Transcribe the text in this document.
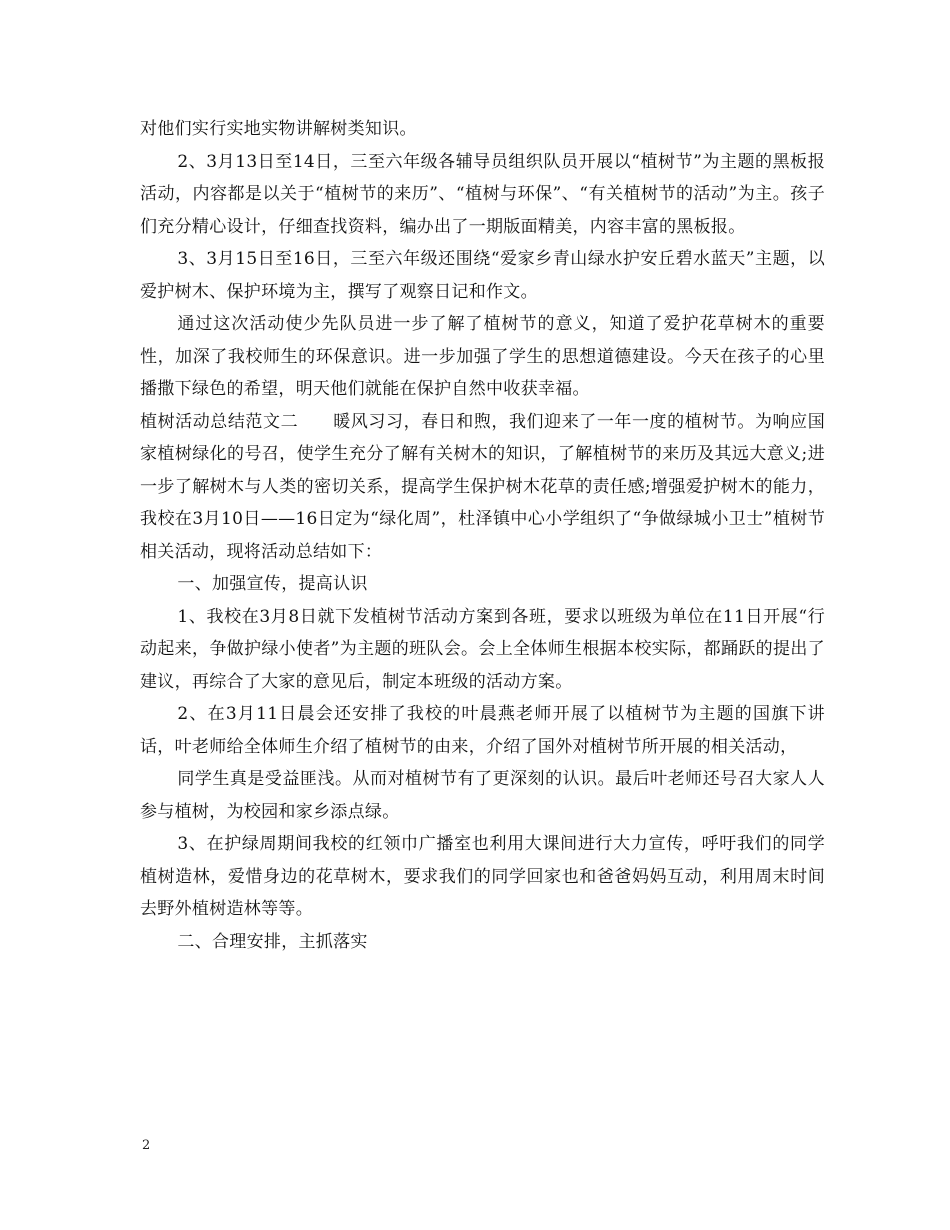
对他们实行实地实物讲解树类知识。

2、3月13日至14日，三至六年级各辅导员组织队员开展以“植树节”为主题的黑板报活动，内容都是以关于“植树节的来历”、“植树与环保”、“有关植树节的活动”为主。孩子们充分精心设计，仔细查找资料，编办出了一期版面精美，内容丰富的黑板报。

3、3月15日至16日，三至六年级还围绕“爱家乡青山绿水护安丘碧水蓝天”主题，以爱护树木、保护环境为主，撰写了观察日记和作文。

通过这次活动使少先队员进一步了解了植树节的意义，知道了爱护花草树木的重要性，加深了我校师生的环保意识。进一步加强了学生的思想道德建设。今天在孩子的心里播撒下绿色的希望，明天他们就能在保护自然中收获幸福。

植树活动总结范文二　　暖风习习，春日和煦，我们迎来了一年一度的植树节。为响应国家植树绿化的号召，使学生充分了解有关树木的知识，了解植树节的来历及其远大意义;进一步了解树木与人类的密切关系，提高学生保护树木花草的责任感;增强爱护树木的能力，我校在3月10日——16日定为“绿化周”，杜泽镇中心小学组织了“争做绿城小卫士”植树节相关活动，现将活动总结如下：

一、加强宣传，提高认识

1、我校在3月8日就下发植树节活动方案到各班，要求以班级为单位在11日开展“行动起来，争做护绿小使者”为主题的班队会。会上全体师生根据本校实际，都踊跃的提出了建议，再综合了大家的意见后，制定本班级的活动方案。

2、在3月11日晨会还安排了我校的叶晨燕老师开展了以植树节为主题的国旗下讲话，叶老师给全体师生介绍了植树节的由来，介绍了国外对植树节所开展的相关活动，

同学生真是受益匪浅。从而对植树节有了更深刻的认识。最后叶老师还号召大家人人参与植树，为校园和家乡添点绿。

3、在护绿周期间我校的红领巾广播室也利用大课间进行大力宣传，呼吁我们的同学植树造林，爱惜身边的花草树木，要求我们的同学回家也和爸爸妈妈互动，利用周末时间去野外植树造林等等。

二、合理安排，主抓落实

2
